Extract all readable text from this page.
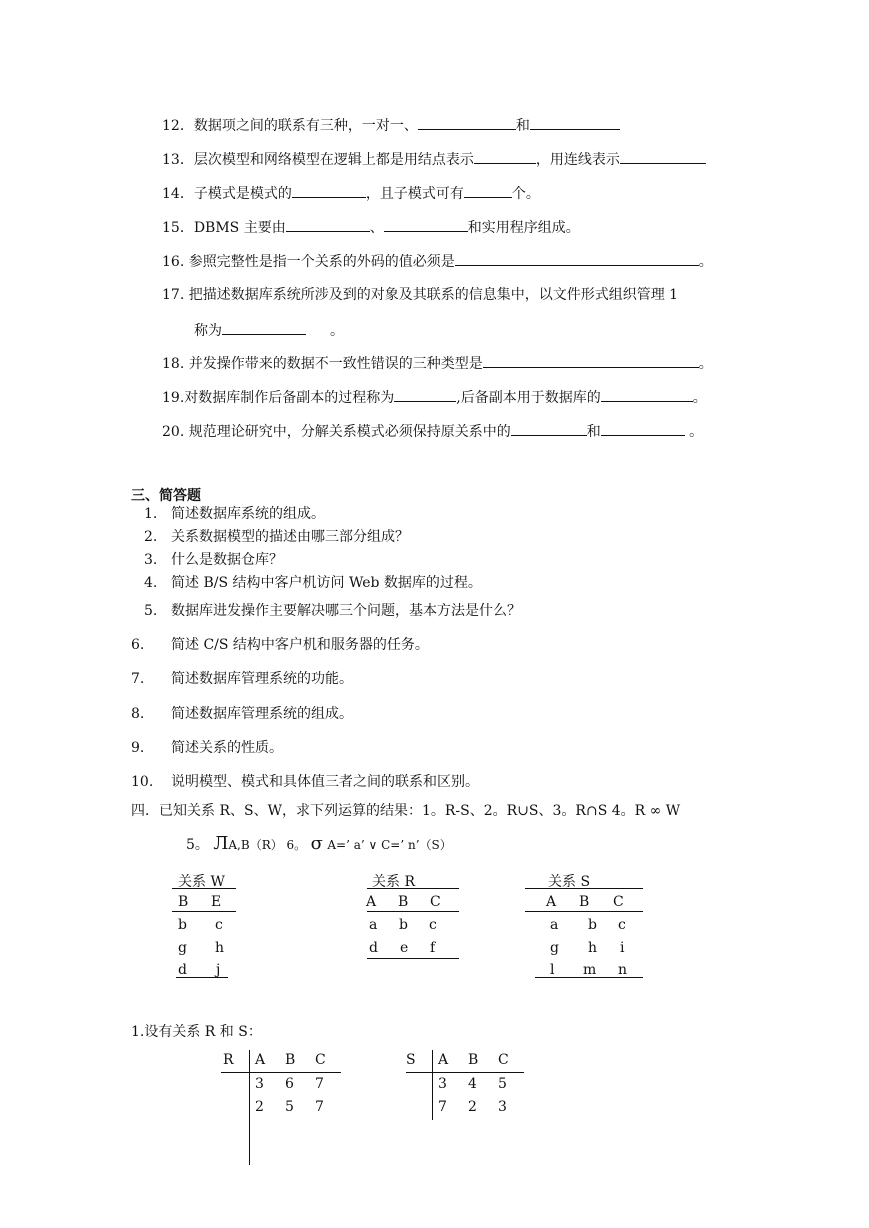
12．数据项之间的联系有三种，一对一、	和
13．层次模型和网络模型在逻辑上都是用结点表示	，用连线表示
14．子模式是模式的	，且子模式可有	个。
15．DBMS 主要由	、	和实用程序组成。
16. 参照完整性是指一个关系的外码的值必须是	。
17. 把描述数据库系统所涉及到的对象及其联系的信息集中，以文件形式组织管理 1
称为	。
18. 并发操作带来的数据不一致性错误的三种类型是	。
19.对数据库制作后备副本的过程称为	,后备副本用于数据库的	。
20. 规范理论研究中，分解关系模式必须保持原关系中的	和	。
三、简答题
1. 简述数据库系统的组成。
2. 关系数据模型的描述由哪三部分组成？
3. 什么是数据仓库？
4. 简述 B/S 结构中客户机访问 Web 数据库的过程。
5. 数据库进发操作主要解决哪三个问题，基本方法是什么？
6. 简述 C/S 结构中客户机和服务器的任务。
7. 简述数据库管理系统的功能。
8. 简述数据库管理系统的组成。
9. 简述关系的性质。
10. 说明模型、模式和具体值三者之间的联系和区别。
四．已知关系 R、S、W，求下列运算的结果：1。R-S、2。R∪S、3。R∩S 4。R ∞ W
5。 ЛA,B（R） 6。 σ A=’ a’ ∨ C=’ n’（S）
关系 W
B E
b c
g h
d j
关系 R
A B C
a b c
d e f
关系 S
A B C
a b c
g h i
l m n
1.设有关系 R 和 S：
R A B C
3 6 7
2 5 7
S A B C
3 4 5
7 2 3
